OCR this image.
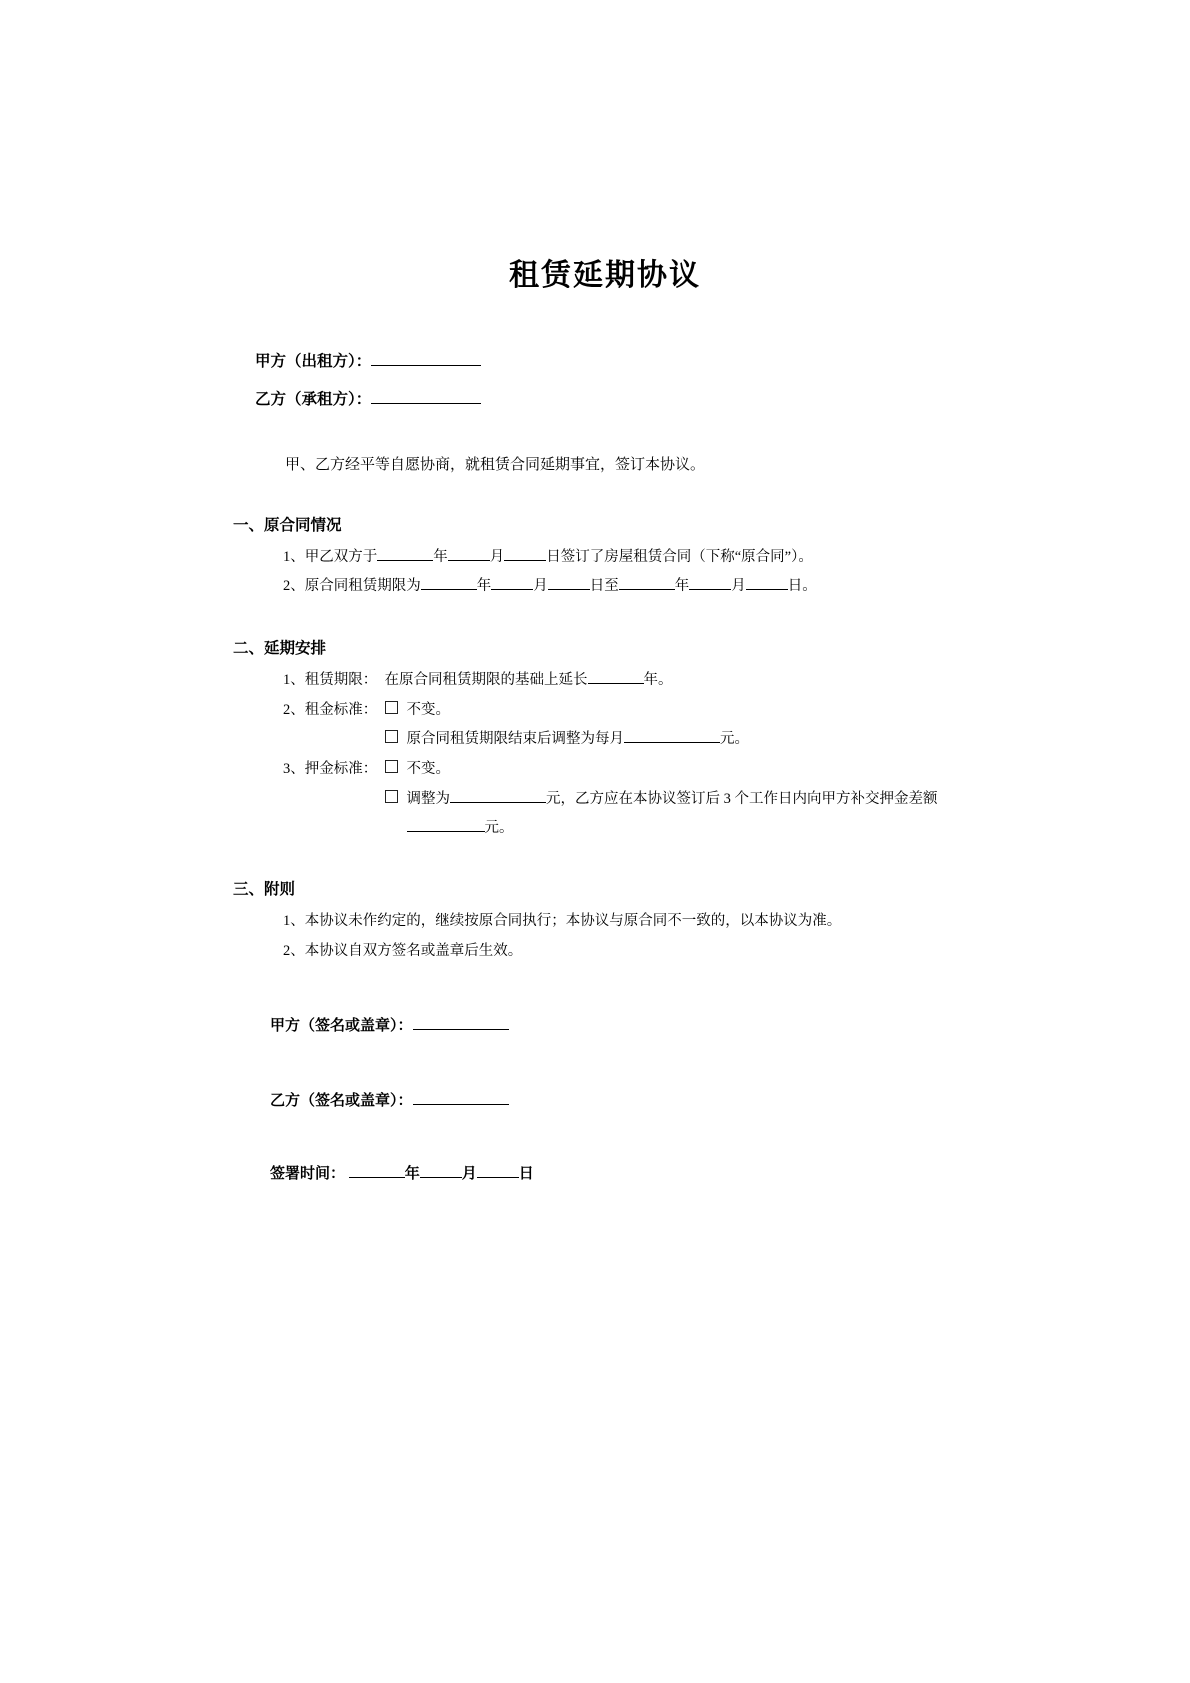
租赁延期协议
甲方（出租方）：
乙方（承租方）：
甲、乙方经平等自愿协商，就租赁合同延期事宜，签订本协议。
一、原合同情况
1、甲乙双方于	年	月	日签订了房屋租赁合同（下称“原合同”）。
2、原合同租赁期限为	年	月	日至	年	月	日。
二、延期安排
1、租赁期限： 在原合同租赁期限的基础上延长	年。
2、租金标准：	不变。
原合同租赁期限结束后调整为每月	元。
3、押金标准：	不变。
调整为	元，乙方应在本协议签订后 3 个工作日内向甲方补交押金差额元。
三、附则
1、本协议未作约定的，继续按原合同执行；本协议与原合同不一致的，以本协议为准。
2、本协议自双方签名或盖章后生效。
甲方（签名或盖章）：
乙方（签名或盖章）：
签署时间：	年	月	日
